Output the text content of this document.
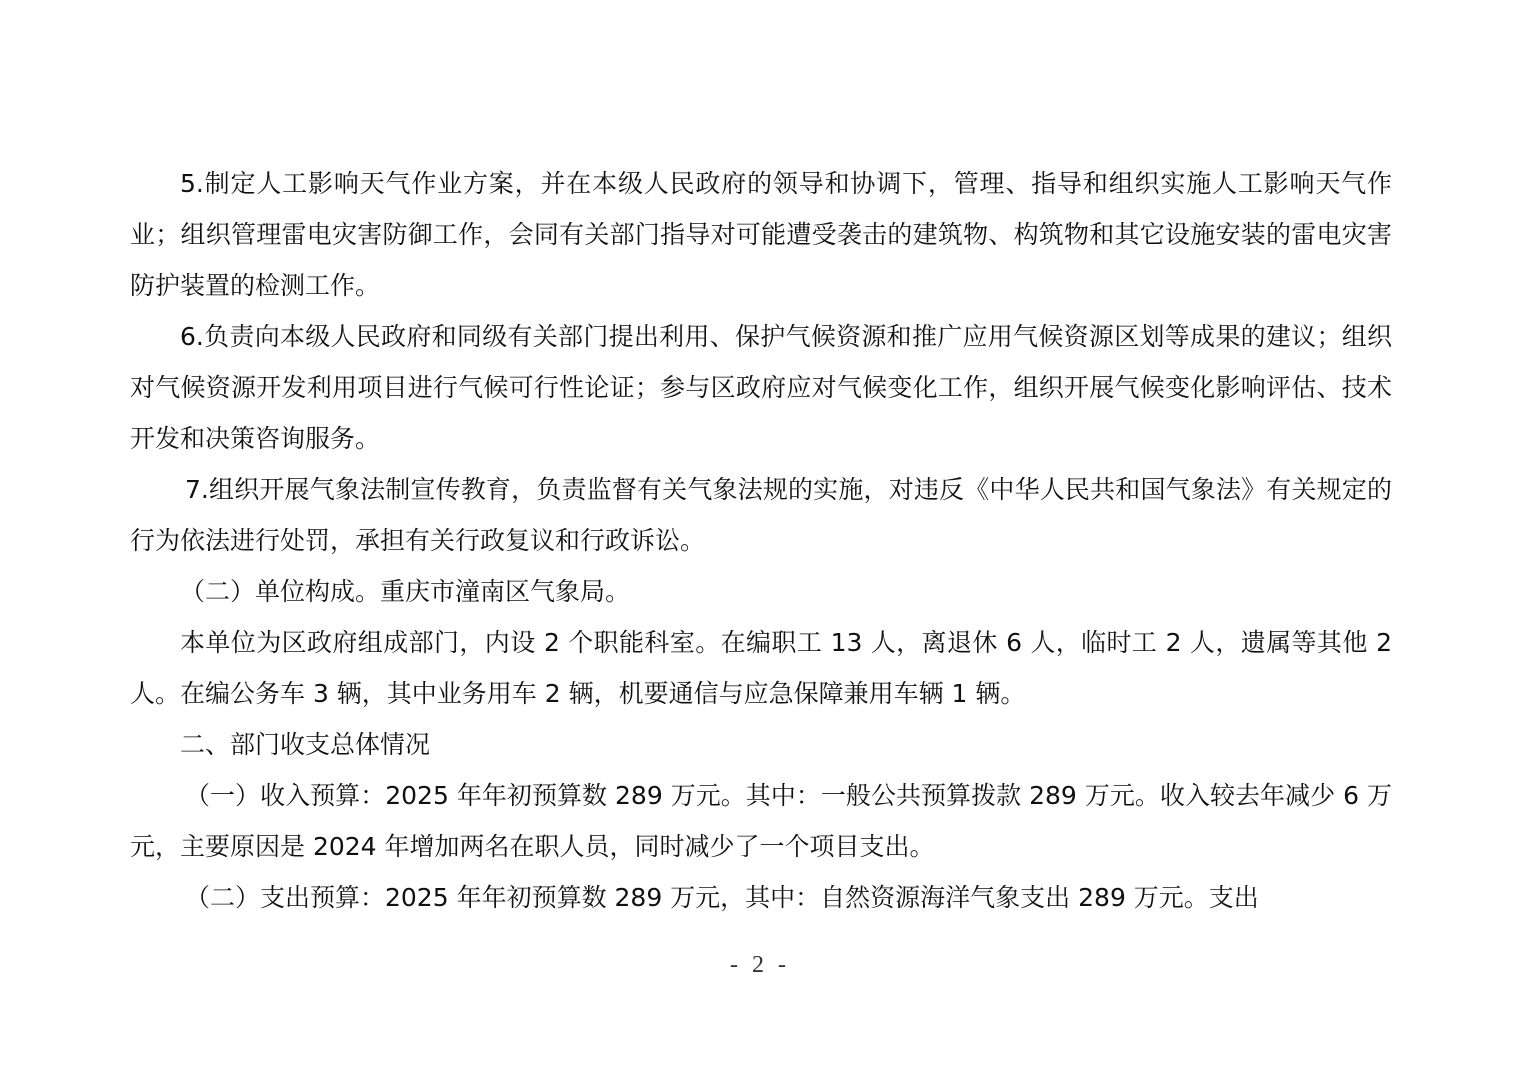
5.制定人工影响天气作业方案，并在本级人民政府的领导和协调下，管理、指导和组织实施人工影响天气作业；组织管理雷电灾害防御工作，会同有关部门指导对可能遭受袭击的建筑物、构筑物和其它设施安装的雷电灾害防护装置的检测工作。

6.负责向本级人民政府和同级有关部门提出利用、保护气候资源和推广应用气候资源区划等成果的建议；组织对气候资源开发利用项目进行气候可行性论证；参与区政府应对气候变化工作，组织开展气候变化影响评估、技术开发和决策咨询服务。

7.组织开展气象法制宣传教育，负责监督有关气象法规的实施，对违反《中华人民共和国气象法》有关规定的行为依法进行处罚，承担有关行政复议和行政诉讼。

（二）单位构成。重庆市潼南区气象局。

本单位为区政府组成部门，内设 2 个职能科室。在编职工 13 人，离退休 6 人，临时工 2 人，遗属等其他 2 人。在编公务车 3 辆，其中业务用车 2 辆，机要通信与应急保障兼用车辆 1 辆。

二、部门收支总体情况

（一）收入预算：2025 年年初预算数 289 万元。其中：一般公共预算拨款 289 万元。收入较去年减少 6 万元，主要原因是 2024 年增加两名在职人员，同时减少了一个项目支出。

（二）支出预算：2025 年年初预算数 289 万元，其中：自然资源海洋气象支出 289 万元。支出

- 2 -
